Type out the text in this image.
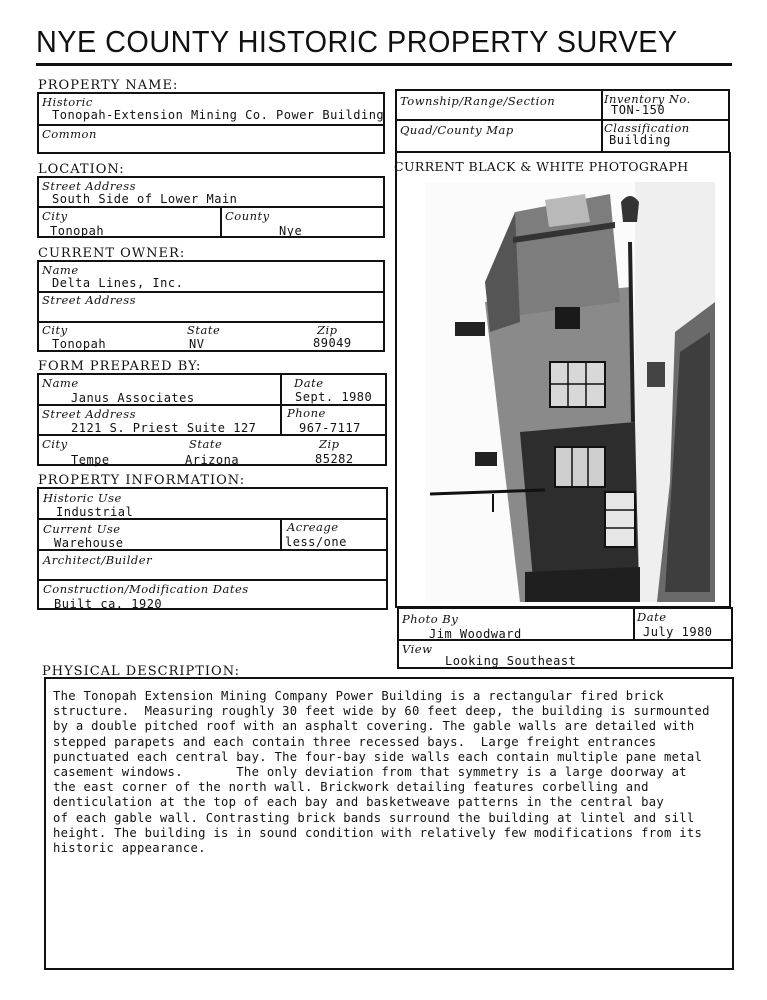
NYE COUNTY HISTORIC PROPERTY SURVEY
PROPERTY NAME:
Historic
Tonopah-Extension Mining Co. Power Building
Common
LOCATION:
Street Address
South Side of Lower Main
City
Tonopah
County
Nye
CURRENT OWNER:
Name
Delta Lines, Inc.
Street Address
City
Tonopah
State
NV
Zip
89049
FORM PREPARED BY:
Name
Janus Associates
Date
Sept. 1980
Street Address
2121 S. Priest Suite 127
Phone
967-7117
City
Tempe
State
Arizona
Zip
85282
PROPERTY INFORMATION:
Historic Use
Industrial
Current Use
Warehouse
Acreage
less/one
Architect/Builder
Construction/Modification Dates
Built ca. 1920
Township/Range/Section	Inventory No.
TON-150
Quad/County Map	Classification
Building
CURRENT BLACK & WHITE PHOTOGRAPH
Photo By
Jim Woodward
Date
July 1980
View
Looking Southeast
PHYSICAL DESCRIPTION:
The Tonopah Extension Mining Company Power Building is a rectangular fired brick
structure.  Measuring roughly 30 feet wide by 60 feet deep, the building is surmounted
by a double pitched roof with an asphalt covering. The gable walls are detailed with
stepped parapets and each contain three recessed bays.  Large freight entrances
punctuated each central bay. The four-bay side walls each contain multiple pane metal
casement windows.       The only deviation from that symmetry is a large doorway at
the east corner of the north wall. Brickwork detailing features corbelling and
denticulation at the top of each bay and basketweave patterns in the central bay
of each gable wall. Contrasting brick bands surround the building at lintel and sill
height. The building is in sound condition with relatively few modifications from its
historic appearance.
